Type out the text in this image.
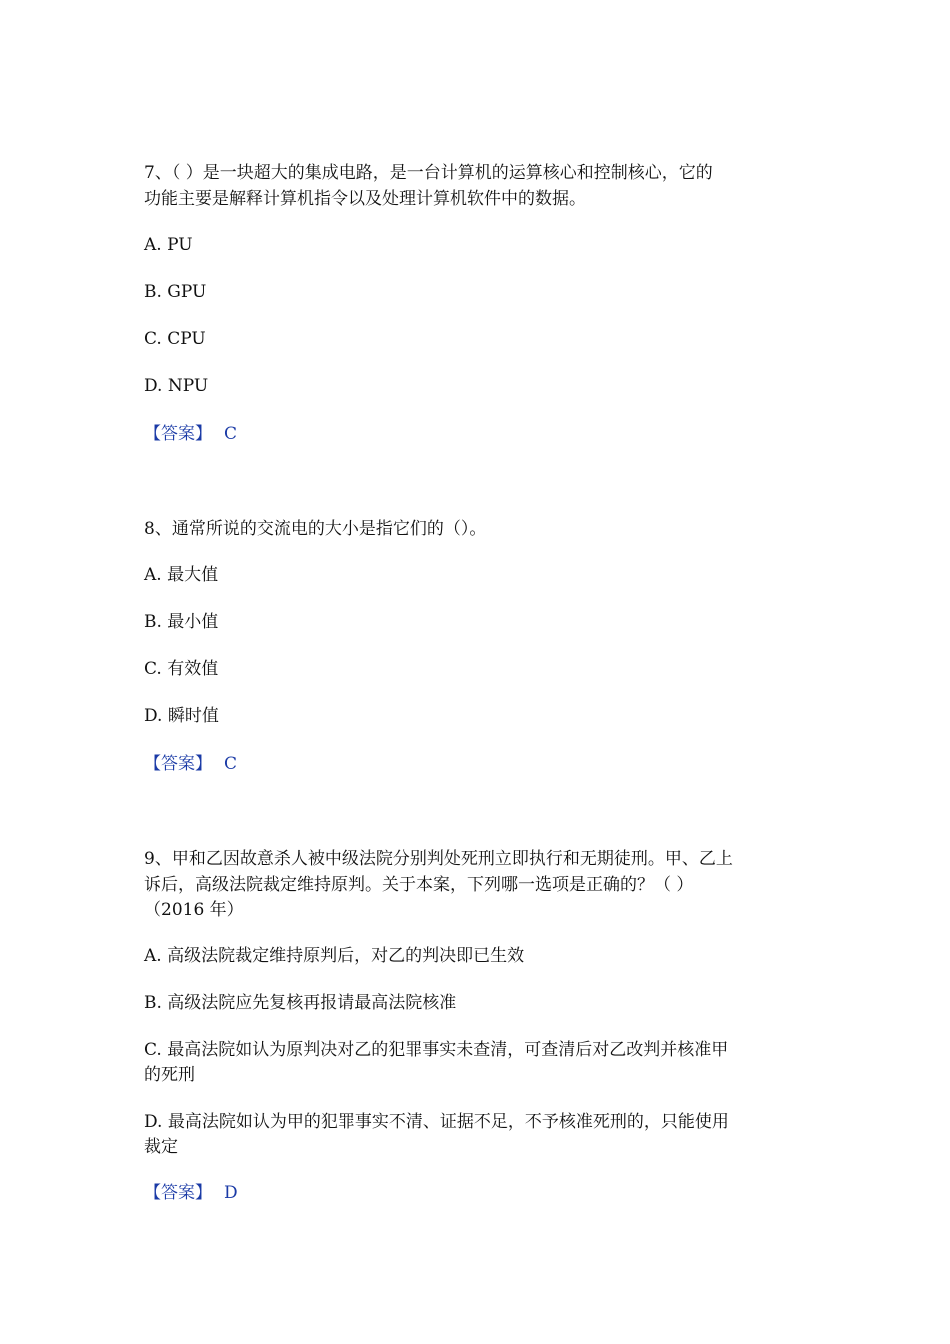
7、（ ）是一块超大的集成电路，是一台计算机的运算核心和控制核心，它的

功能主要是解释计算机指令以及处理计算机软件中的数据。

A. PU

B. GPU

C. CPU

D. NPU

【答案】 C

8、通常所说的交流电的大小是指它们的（）。

A. 最大值

B. 最小值

C. 有效值

D. 瞬时值

【答案】 C

9、甲和乙因故意杀人被中级法院分别判处死刑立即执行和无期徒刑。甲、乙上

诉后，高级法院裁定维持原判。关于本案，下列哪一选项是正确的？（ ）

（2016 年）

A. 高级法院裁定维持原判后，对乙的判决即已生效

B. 高级法院应先复核再报请最高法院核准

C. 最高法院如认为原判决对乙的犯罪事实未查清，可查清后对乙改判并核准甲

的死刑

D. 最高法院如认为甲的犯罪事实不清、证据不足，不予核准死刑的，只能使用

裁定

【答案】 D
